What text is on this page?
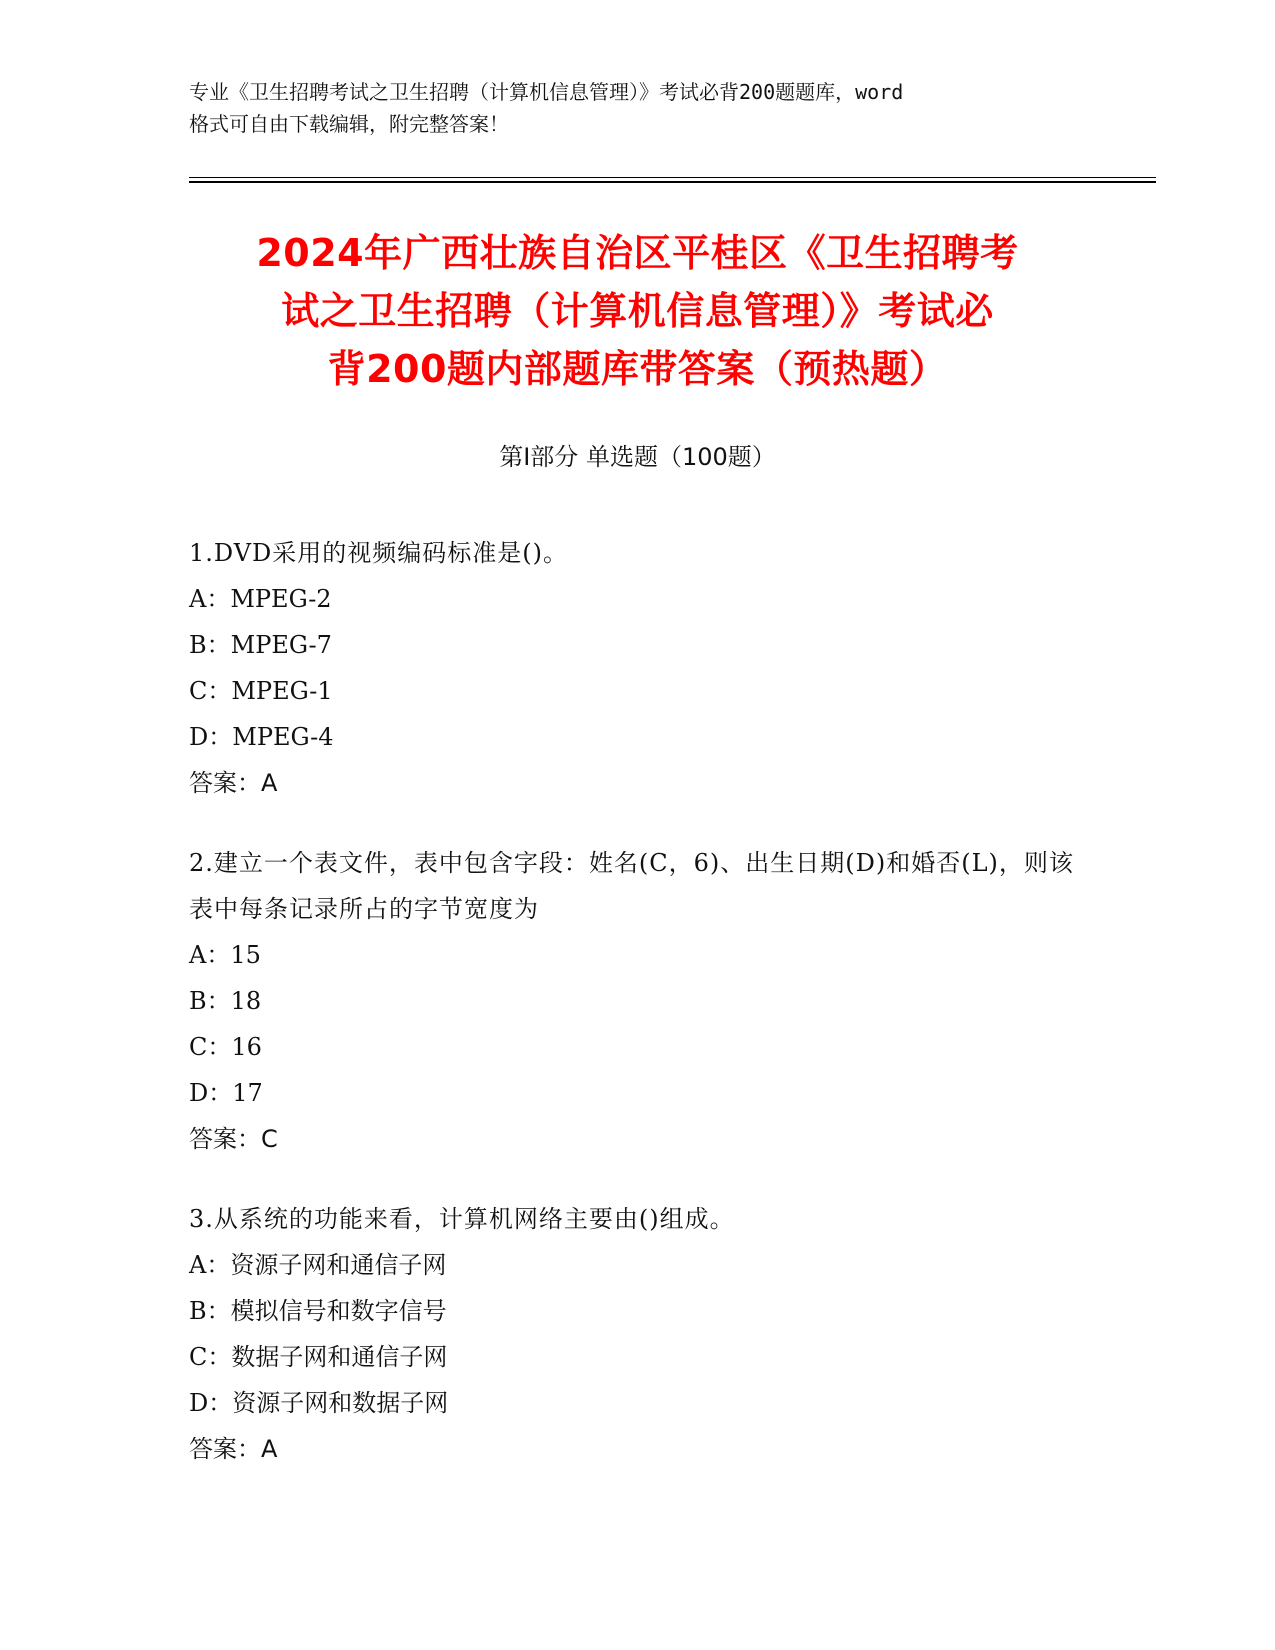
专业《卫生招聘考试之卫生招聘（计算机信息管理）》考试必背200题题库，word
格式可自由下载编辑，附完整答案！
2024年广西壮族自治区平桂区《卫生招聘考
试之卫生招聘（计算机信息管理）》考试必
背200题内部题库带答案（预热题）
第Ⅰ部分 单选题（100题）
1.DVD采用的视频编码标准是()。
A：MPEG-2
B：MPEG-7
C：MPEG-1
D：MPEG-4
答案：A
2.建立一个表文件，表中包含字段：姓名(C，6)、出生日期(D)和婚否(L)，则该表中每条记录所占的字节宽度为
A：15
B：18
C：16
D：17
答案：C
3.从系统的功能来看，计算机网络主要由()组成。
A：资源子网和通信子网
B：模拟信号和数字信号
C：数据子网和通信子网
D：资源子网和数据子网
答案：A
